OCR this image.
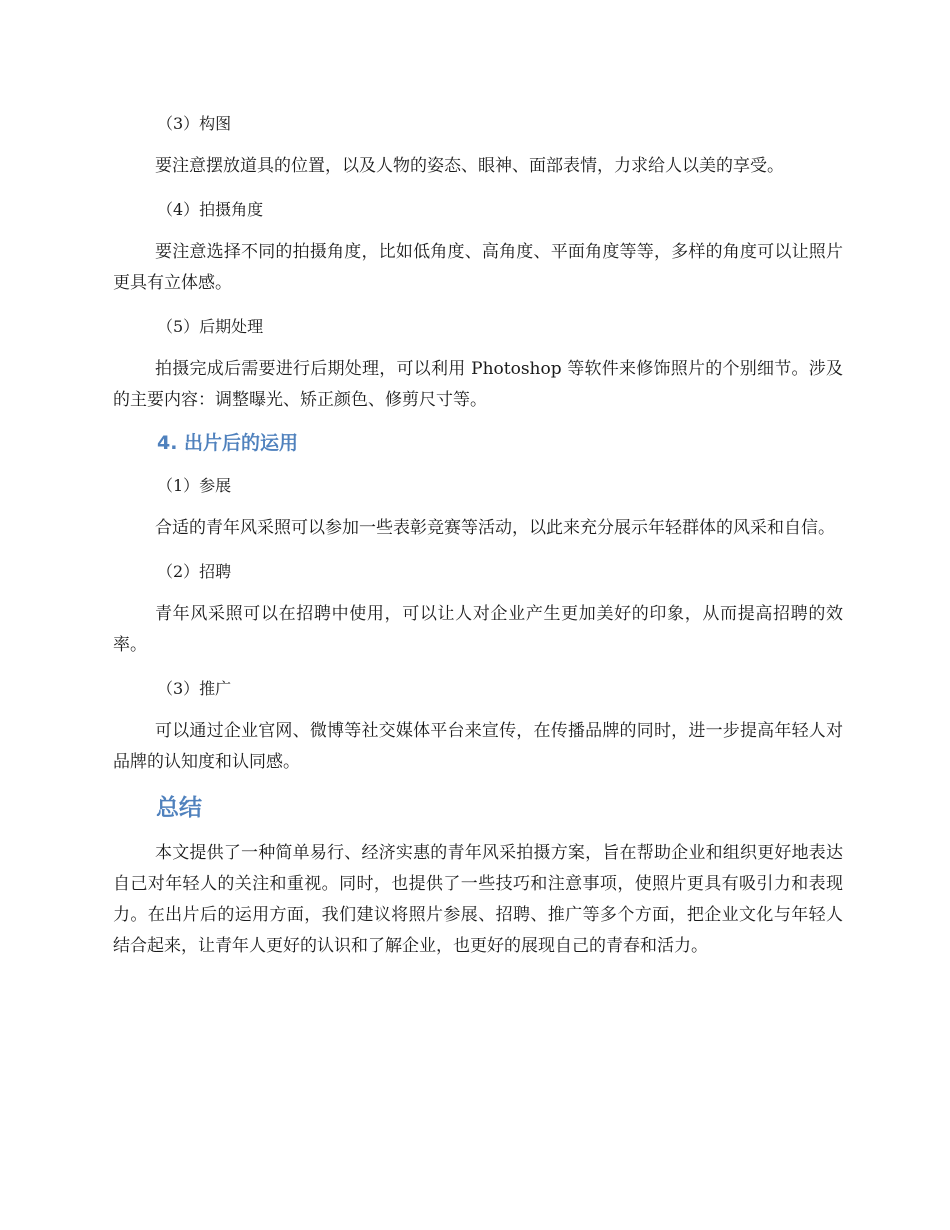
（3）构图

要注意摆放道具的位置，以及人物的姿态、眼神、面部表情，力求给人以美的享受。

（4）拍摄角度

要注意选择不同的拍摄角度，比如低角度、高角度、平面角度等等，多样的角度可以让照片更具有立体感。

（5）后期处理

拍摄完成后需要进行后期处理，可以利用 Photoshop 等软件来修饰照片的个别细节。涉及的主要内容：调整曝光、矫正颜色、修剪尺寸等。

4. 出片后的运用

（1）参展

合适的青年风采照可以参加一些表彰竞赛等活动，以此来充分展示年轻群体的风采和自信。

（2）招聘

青年风采照可以在招聘中使用，可以让人对企业产生更加美好的印象，从而提高招聘的效率。

（3）推广

可以通过企业官网、微博等社交媒体平台来宣传，在传播品牌的同时，进一步提高年轻人对品牌的认知度和认同感。

总结

本文提供了一种简单易行、经济实惠的青年风采拍摄方案，旨在帮助企业和组织更好地表达自己对年轻人的关注和重视。同时，也提供了一些技巧和注意事项，使照片更具有吸引力和表现力。在出片后的运用方面，我们建议将照片参展、招聘、推广等多个方面，把企业文化与年轻人结合起来，让青年人更好的认识和了解企业，也更好的展现自己的青春和活力。
